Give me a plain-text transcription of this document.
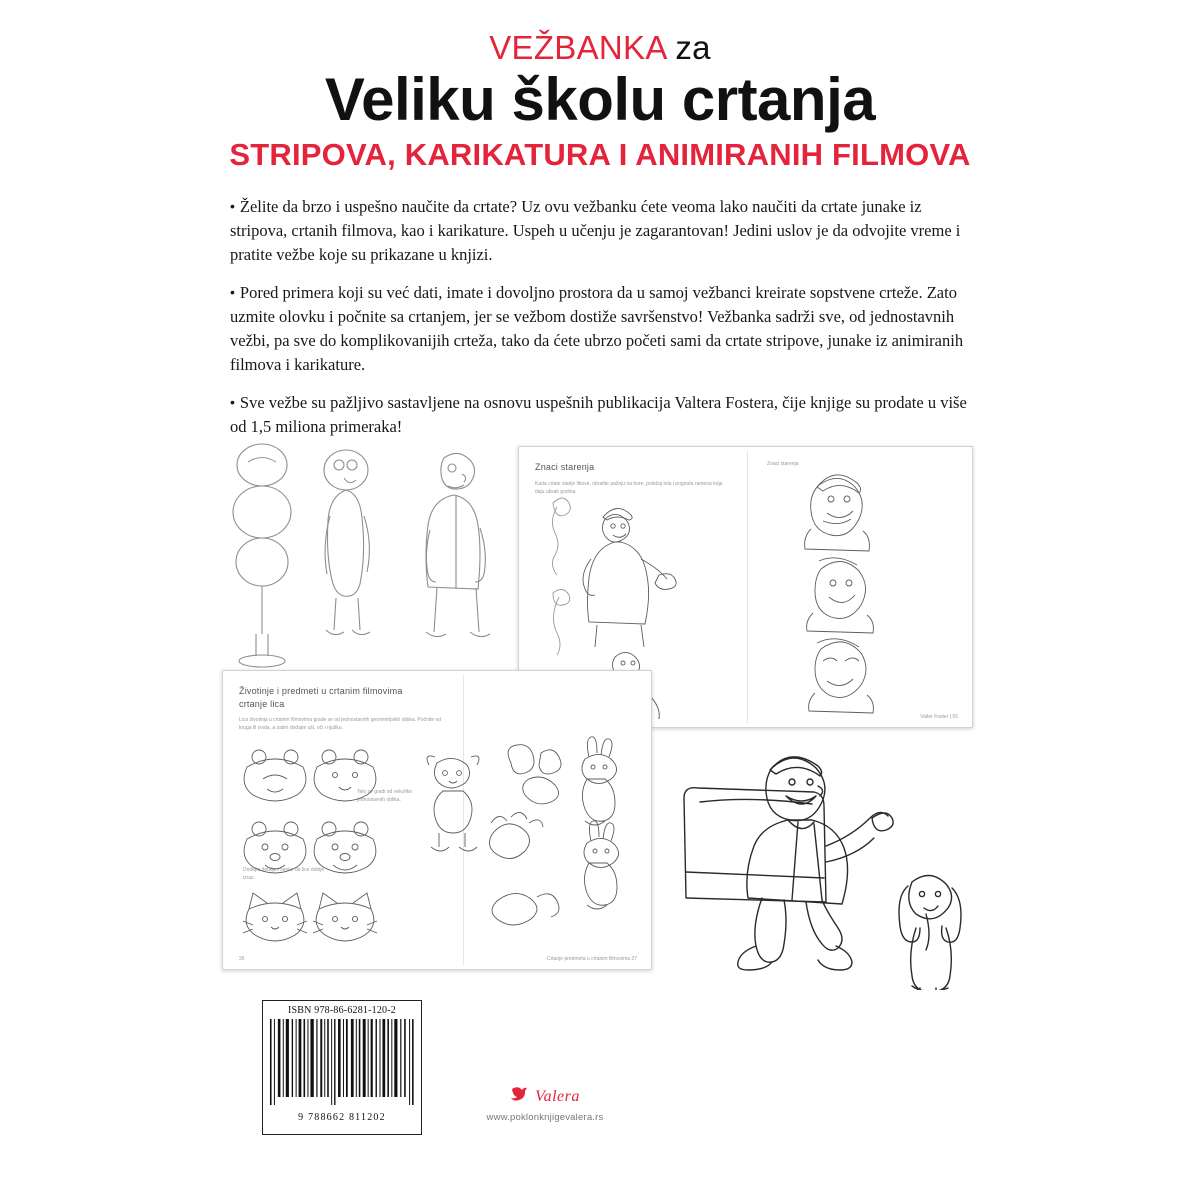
VEŽBANKA za
Veliku školu crtanja
STRIPOVA, KARIKATURA I ANIMIRANIH FILMOVA

• Želite da brzo i uspešno naučite da crtate? Uz ovu vežbanku ćete veoma lako naučiti da crtate junake iz stripova, crtanih filmova, kao i karikature. Uspeh u učenju je zagarantovan! Jedini uslov je da odvojite vreme i pratite vežbe koje su prikazane u knjizi.

• Pored primera koji su već dati, imate i dovoljno prostora da u samoj vežbanci kreirate sopstvene crteže. Zato uzmite olovku i počnite sa crtanjem, jer se vežbom dostiže savršenstvo! Vežbanka sadrži sve, od jednostavnih vežbi, pa sve do komplikovanijih crteža, tako da ćete ubrzo početi sami da crtate stripove, junake iz animiranih filmova i karikature.

• Sve vežbe su pažljivo sastavljene na osnovu uspešnih publikacija Valtera Fostera, čije knjige su prodate u više od 1,5 miliona primeraka!

Znaci starenja
Kada crtate starije likove, obratite pažnju na bore, položaj tela i pognuta ramena koja daju utisak godina.
Znaci starenja
Valter Foster | 55
Životinje i predmeti u crtanim filmovima
crtanje lica
Lica životinja u crtanim filmovima grade se od jednostavnih geometrijskih oblika. Počnite od kruga ili ovala, a zatim dodajte uši, oči i njušku.
Dodajte detalje i senke da lice dobije izraz.
Telo se gradi od nekoliko jednostavnih oblika.
26	Crtanje predmeta u crtanim filmovima 27
ISBN 978-86-6281-120-2
9 788662 811202
Valera
www.poklonknjigevalera.rs
